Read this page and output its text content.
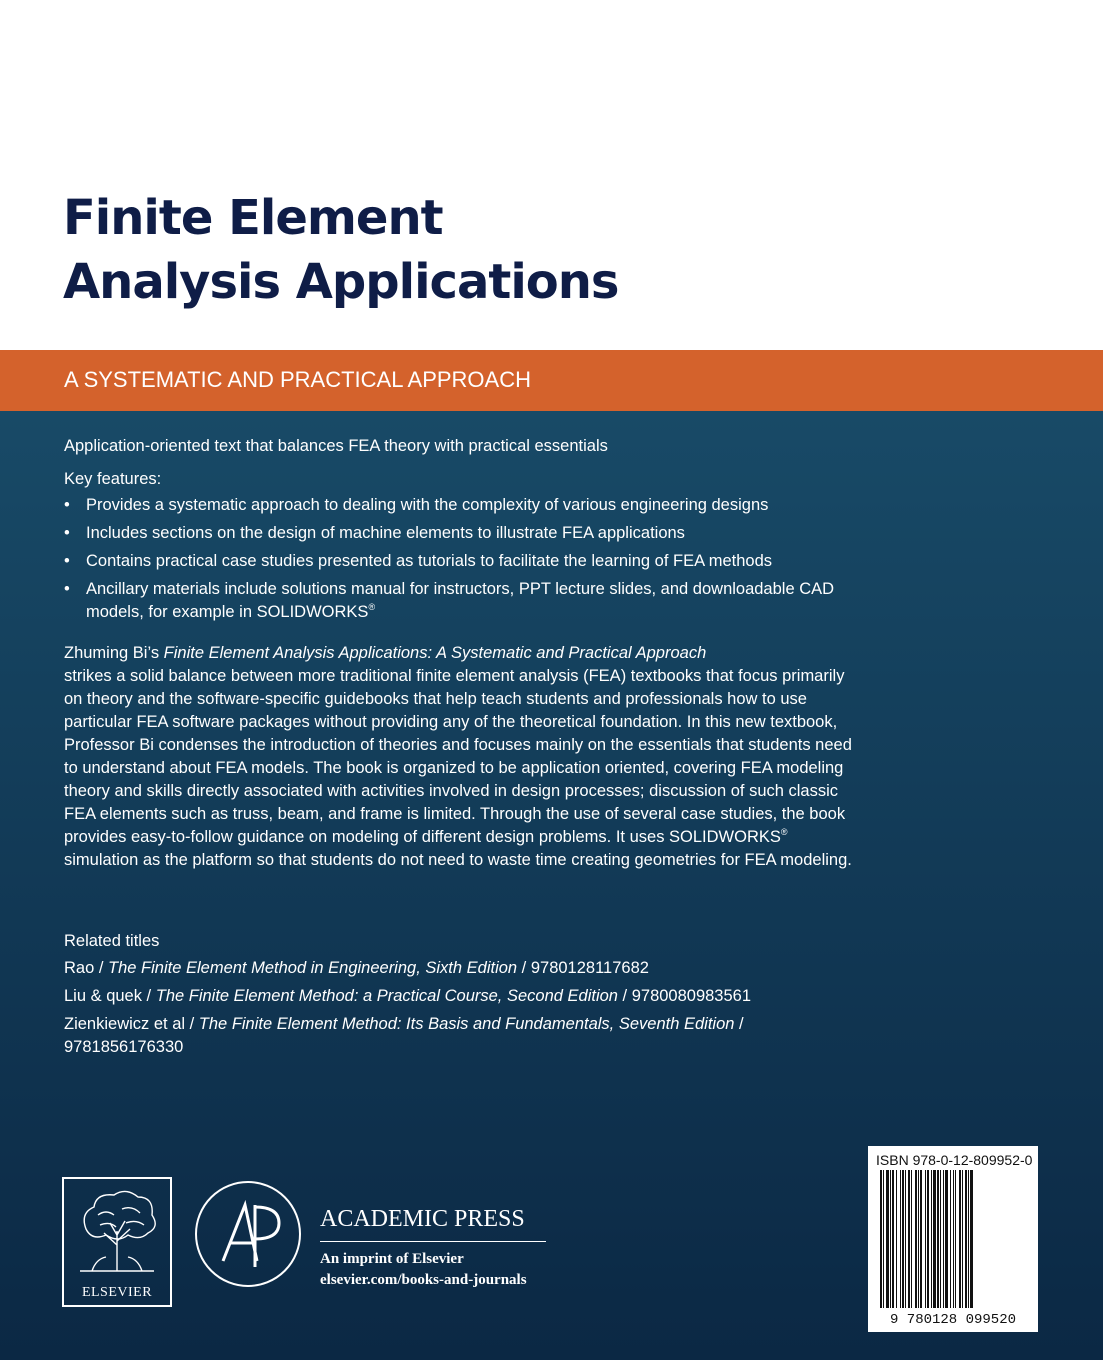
Finite Element
Analysis Applications
A SYSTEMATIC AND PRACTICAL APPROACH
Application-oriented text that balances FEA theory with practical essentials
Key features:
• Provides a systematic approach to dealing with the complexity of various engineering designs
• Includes sections on the design of machine elements to illustrate FEA applications
• Contains practical case studies presented as tutorials to facilitate the learning of FEA methods
• Ancillary materials include solutions manual for instructors, PPT lecture slides, and downloadable CAD models, for example in SOLIDWORKS®
Zhuming Bi’s Finite Element Analysis Applications: A Systematic and Practical Approach
strikes a solid balance between more traditional finite element analysis (FEA) textbooks that focus primarily on theory and the software-specific guidebooks that help teach students and professionals how to use particular FEA software packages without providing any of the theoretical foundation. In this new textbook, Professor Bi condenses the introduction of theories and focuses mainly on the essentials that students need to understand about FEA models. The book is organized to be application oriented, covering FEA modeling theory and skills directly associated with activities involved in design processes; discussion of such classic FEA elements such as truss, beam, and frame is limited. Through the use of several case studies, the book provides easy-to-follow guidance on modeling of different design problems. It uses SOLIDWORKS® simulation as the platform so that students do not need to waste time creating geometries for FEA modeling.
Related titles
Rao / The Finite Element Method in Engineering, Sixth Edition / 9780128117682
Liu & quek / The Finite Element Method: a Practical Course, Second Edition / 9780080983561
Zienkiewicz et al / The Finite Element Method: Its Basis and Fundamentals, Seventh Edition / 9781856176330
ELSEVIER
ACADEMIC PRESS
An imprint of Elsevier
elsevier.com/books-and-journals
ISBN 978-0-12-809952-0
9 780128 099520
